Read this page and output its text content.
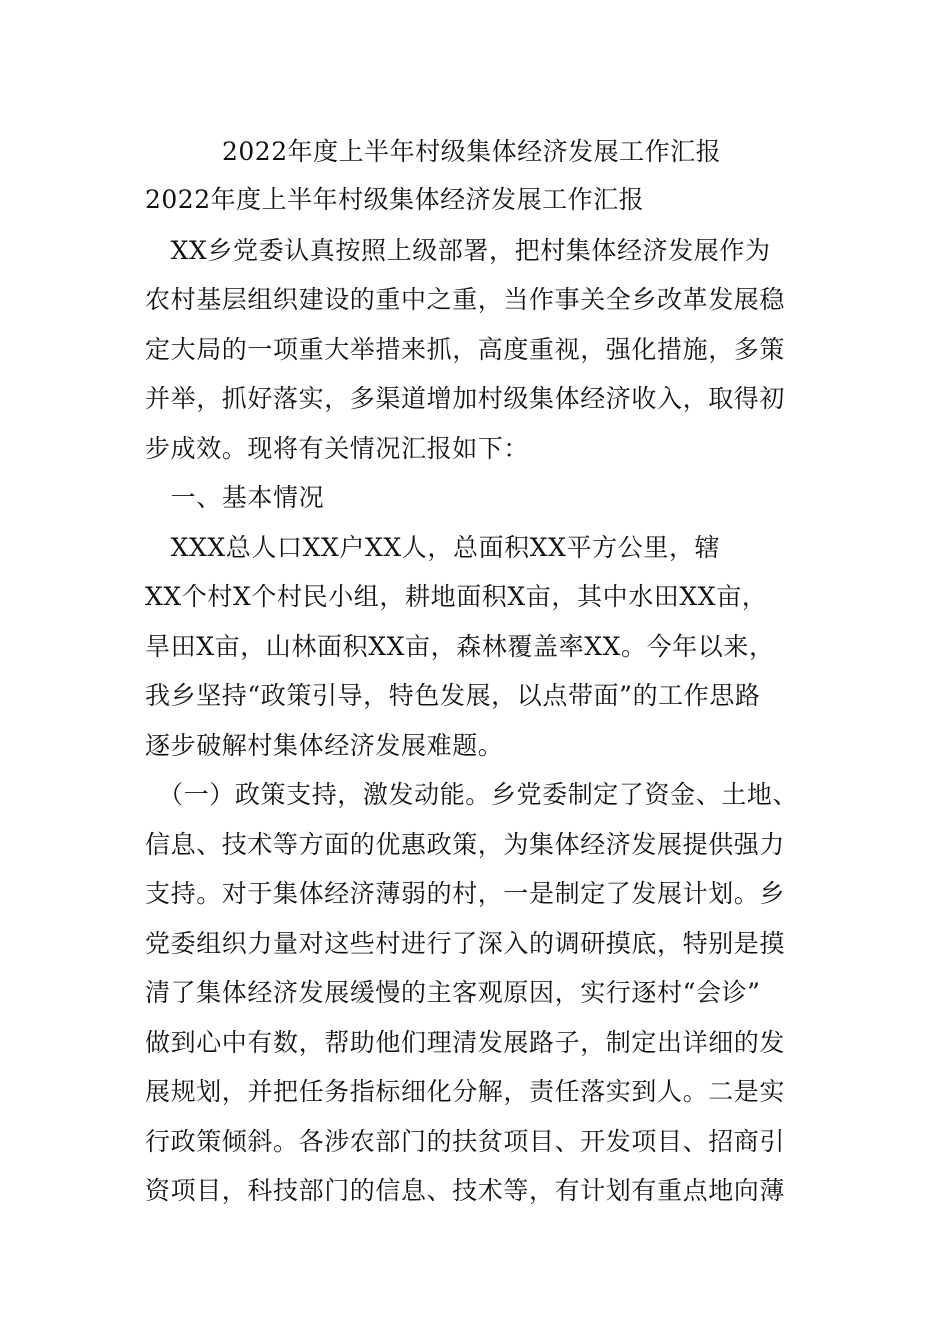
2022年度上半年村级集体经济发展工作汇报
2022年度上半年村级集体经济发展工作汇报
　XX乡党委认真按照上级部署，把村集体经济发展作为
农村基层组织建设的重中之重，当作事关全乡改革发展稳
定大局的一项重大举措来抓，高度重视，强化措施，多策
并举，抓好落实，多渠道增加村级集体经济收入，取得初
步成效。现将有关情况汇报如下：
　一、基本情况
　XXX总人口XX户XX人，总面积XX平方公里，辖
XX个村X个村民小组，耕地面积X亩，其中水田XX亩，
旱田X亩，山林面积XX亩，森林覆盖率XX。今年以来，
我乡坚持“政策引导，特色发展，以点带面”的工作思路
逐步破解村集体经济发展难题。
　（一）政策支持，激发动能。乡党委制定了资金、土地、
信息、技术等方面的优惠政策，为集体经济发展提供强力
支持。对于集体经济薄弱的村，一是制定了发展计划。乡
党委组织力量对这些村进行了深入的调研摸底，特别是摸
清了集体经济发展缓慢的主客观原因，实行逐村“会诊”
做到心中有数，帮助他们理清发展路子，制定出详细的发
展规划，并把任务指标细化分解，责任落实到人。二是实
行政策倾斜。各涉农部门的扶贫项目、开发项目、招商引
资项目，科技部门的信息、技术等，有计划有重点地向薄
